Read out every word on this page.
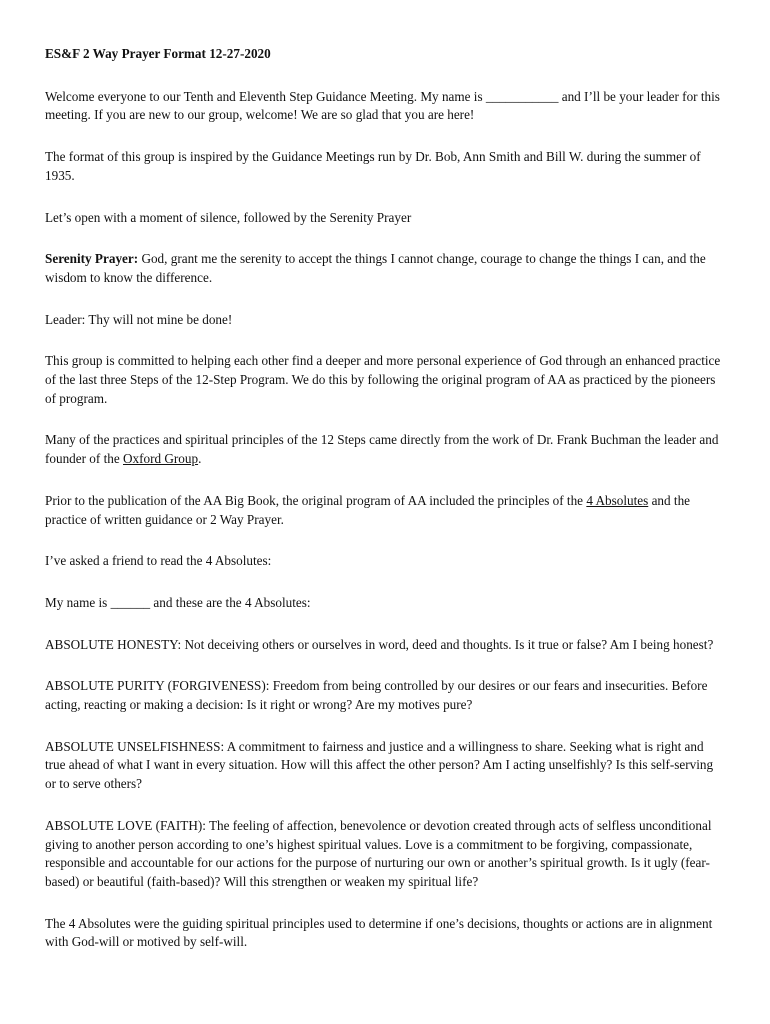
ES&F 2 Way Prayer Format 12-27-2020
Welcome everyone to our Tenth and Eleventh Step Guidance Meeting. My name is ___________ and I’ll be your leader for this meeting. If you are new to our group, welcome! We are so glad that you are here!
The format of this group is inspired by the Guidance Meetings run by Dr. Bob, Ann Smith and Bill W. during the summer of 1935.
Let’s open with a moment of silence, followed by the Serenity Prayer
Serenity Prayer: God, grant me the serenity to accept the things I cannot change, courage to change the things I can, and the wisdom to know the difference.
Leader: Thy will not mine be done!
This group is committed to helping each other find a deeper and more personal experience of God through an enhanced practice of the last three Steps of the 12-Step Program. We do this by following the original program of AA as practiced by the pioneers of program.
Many of the practices and spiritual principles of the 12 Steps came directly from the work of Dr. Frank Buchman the leader and founder of the Oxford Group.
Prior to the publication of the AA Big Book, the original program of AA included the principles of the 4 Absolutes and the practice of written guidance or 2 Way Prayer.
I’ve asked a friend to read the 4 Absolutes:
My name is ______ and these are the 4 Absolutes:
ABSOLUTE HONESTY: Not deceiving others or ourselves in word, deed and thoughts. Is it true or false? Am I being honest?
ABSOLUTE PURITY (FORGIVENESS): Freedom from being controlled by our desires or our fears and insecurities. Before acting, reacting or making a decision: Is it right or wrong? Are my motives pure?
ABSOLUTE UNSELFISHNESS: A commitment to fairness and justice and a willingness to share. Seeking what is right and true ahead of what I want in every situation. How will this affect the other person? Am I acting unselfishly? Is this self-serving or to serve others?
ABSOLUTE LOVE (FAITH): The feeling of affection, benevolence or devotion created through acts of selfless unconditional giving to another person according to one’s highest spiritual values. Love is a commitment to be forgiving, compassionate, responsible and accountable for our actions for the purpose of nurturing our own or another’s spiritual growth. Is it ugly (fear-based) or beautiful (faith-based)? Will this strengthen or weaken my spiritual life?
The 4 Absolutes were the guiding spiritual principles used to determine if one’s decisions, thoughts or actions are in alignment with God-will or motived by self-will.
